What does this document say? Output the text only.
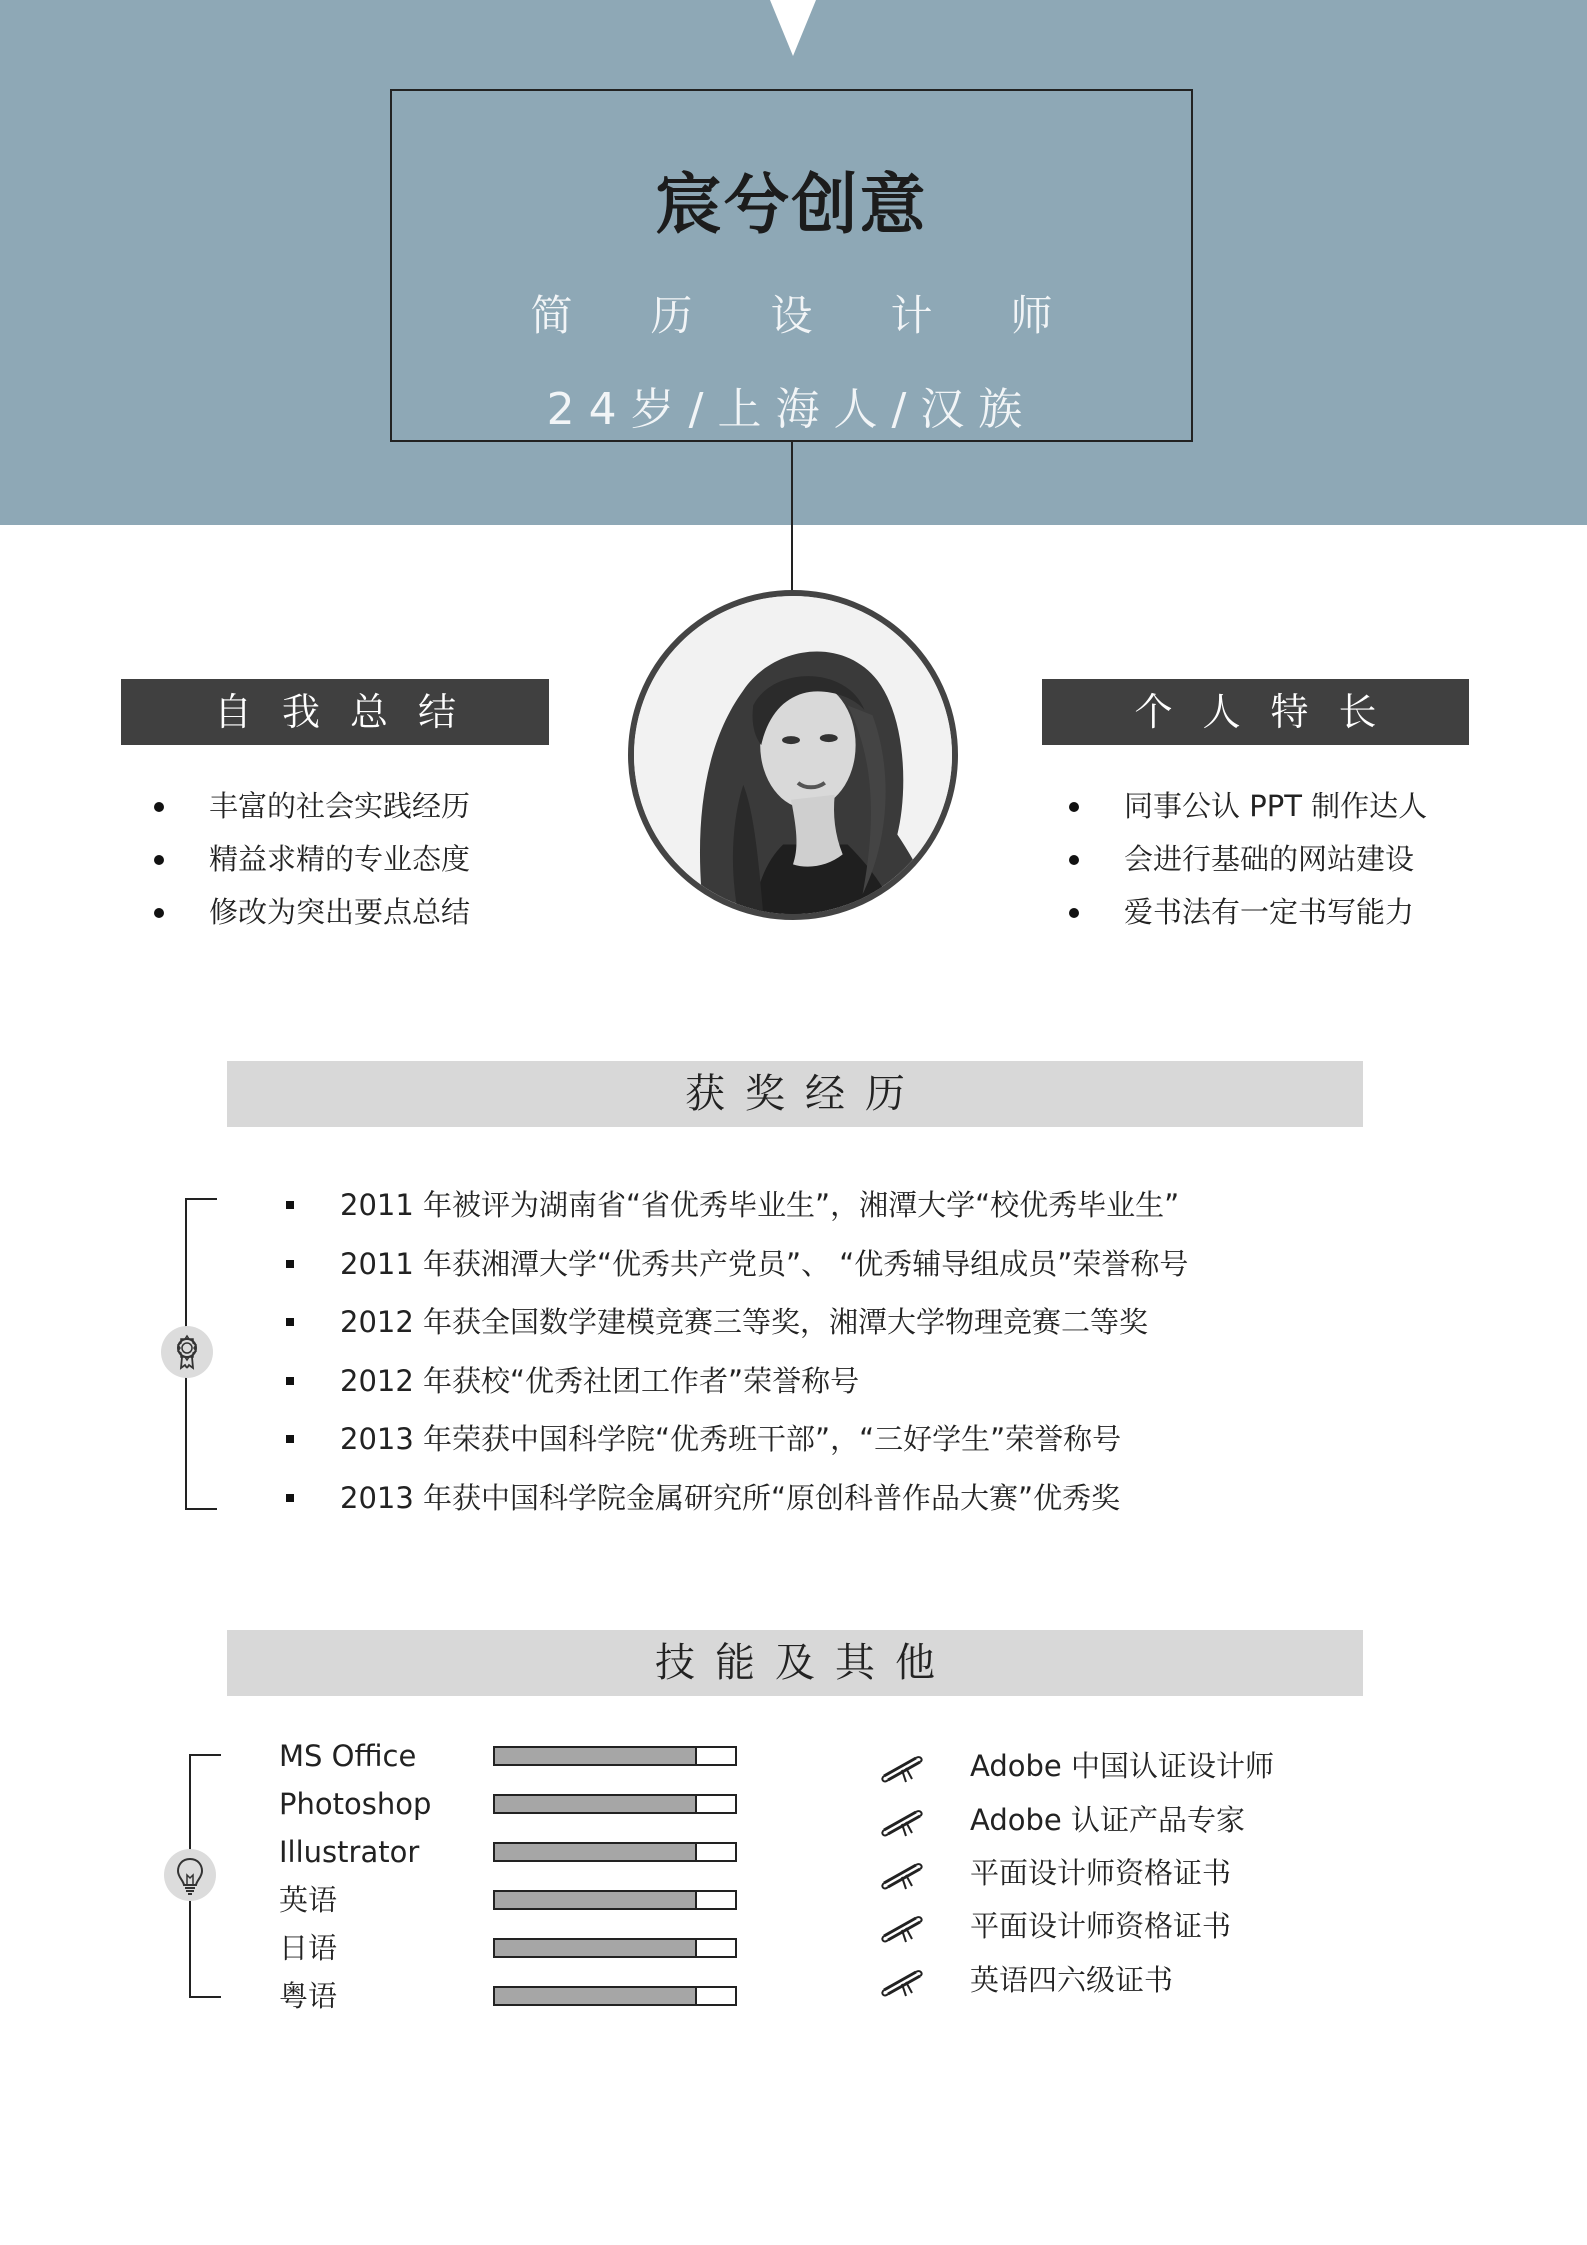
宸兮创意
简历设计师
24岁/上海人/汉族
自我总结	个人特长
丰富的社会实践经历
精益求精的专业态度
修改为突出要点总结
同事公认 PPT 制作达人
会进行基础的网站建设
爱书法有一定书写能力
获奖经历
2011 年被评为湖南省“省优秀毕业生”，湘潭大学“校优秀毕业生”
2011 年获湘潭大学“优秀共产党员”、 “优秀辅导组成员”荣誉称号
2012 年获全国数学建模竞赛三等奖，湘潭大学物理竞赛二等奖
2012 年获校“优秀社团工作者”荣誉称号
2013 年荣获中国科学院“优秀班干部”，“三好学生”荣誉称号
2013 年获中国科学院金属研究所“原创科普作品大赛”优秀奖
技能及其他
MS Office
Photoshop
Illustrator
英语
日语
粤语
Adobe 中国认证设计师
Adobe 认证产品专家
平面设计师资格证书
平面设计师资格证书
英语四六级证书
